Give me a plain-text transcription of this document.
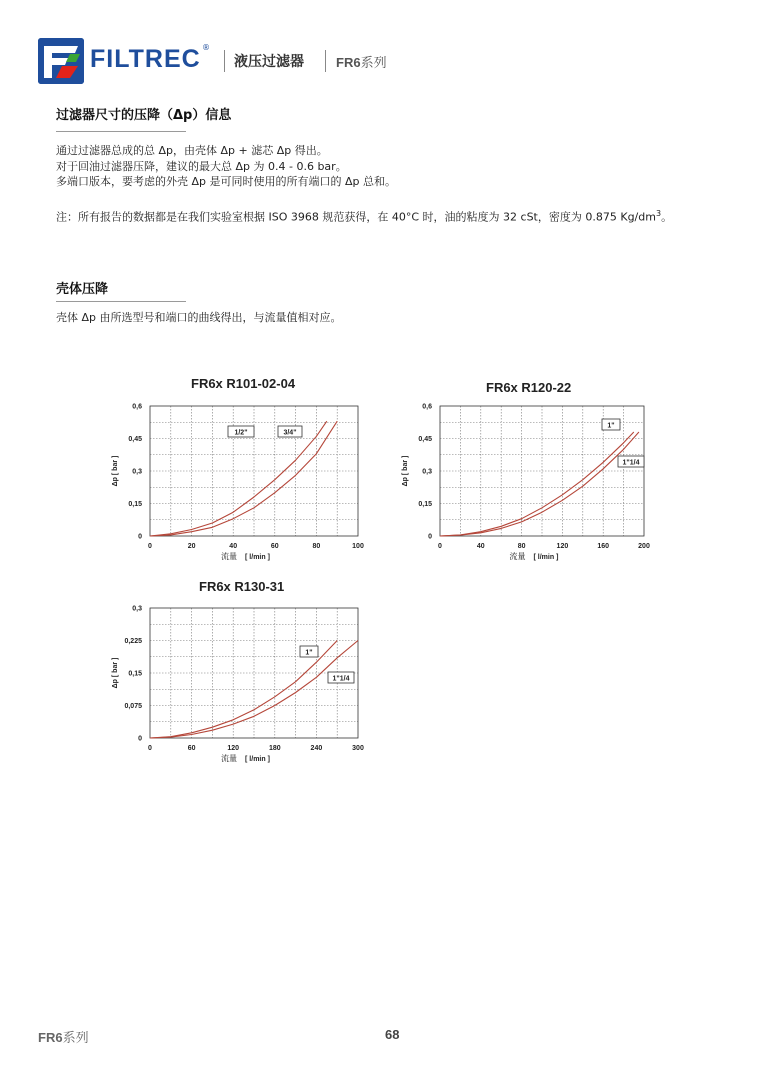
FILTREC ®
液压过滤器 FR6系列
过滤器尺寸的压降（Δp）信息
通过过滤器总成的总 Δp，由壳体 Δp + 滤芯 Δp 得出。
对于回油过滤器压降，建议的最大总 Δp 为 0.4 - 0.6 bar。
多端口版本，要考虑的外壳 Δp 是可同时使用的所有端口的 Δp 总和。
注：所有报告的数据都是在我们实验室根据 ISO 3968 规范获得，在 40°C 时，油的粘度为 32 cSt，密度为 0.875 $Kg/dm^3$。
壳体压降
壳体 Δp 由所选型号和端口的曲线得出，与流量值相对应。
FR6x R101-02-04	FR6x R120-22
FR6x R130-31
0	20	40	60	80	100
0
0,15
0,3
0,45
0,6
Δp [ bar ]
流量 [ l/min ]
1/2"	3/4"
0	40	80	120	160	200
0
0,15
0,3
0,45
0,6
Δp [ bar ]
流量 [ l/min ]
1"
1"1/4
0	60	120	180	240	300
0
0,075
0,15
0,225
0,3
Δp [ bar ]
流量 [ l/min ]
1"
1"1/4
FR6系列	68
